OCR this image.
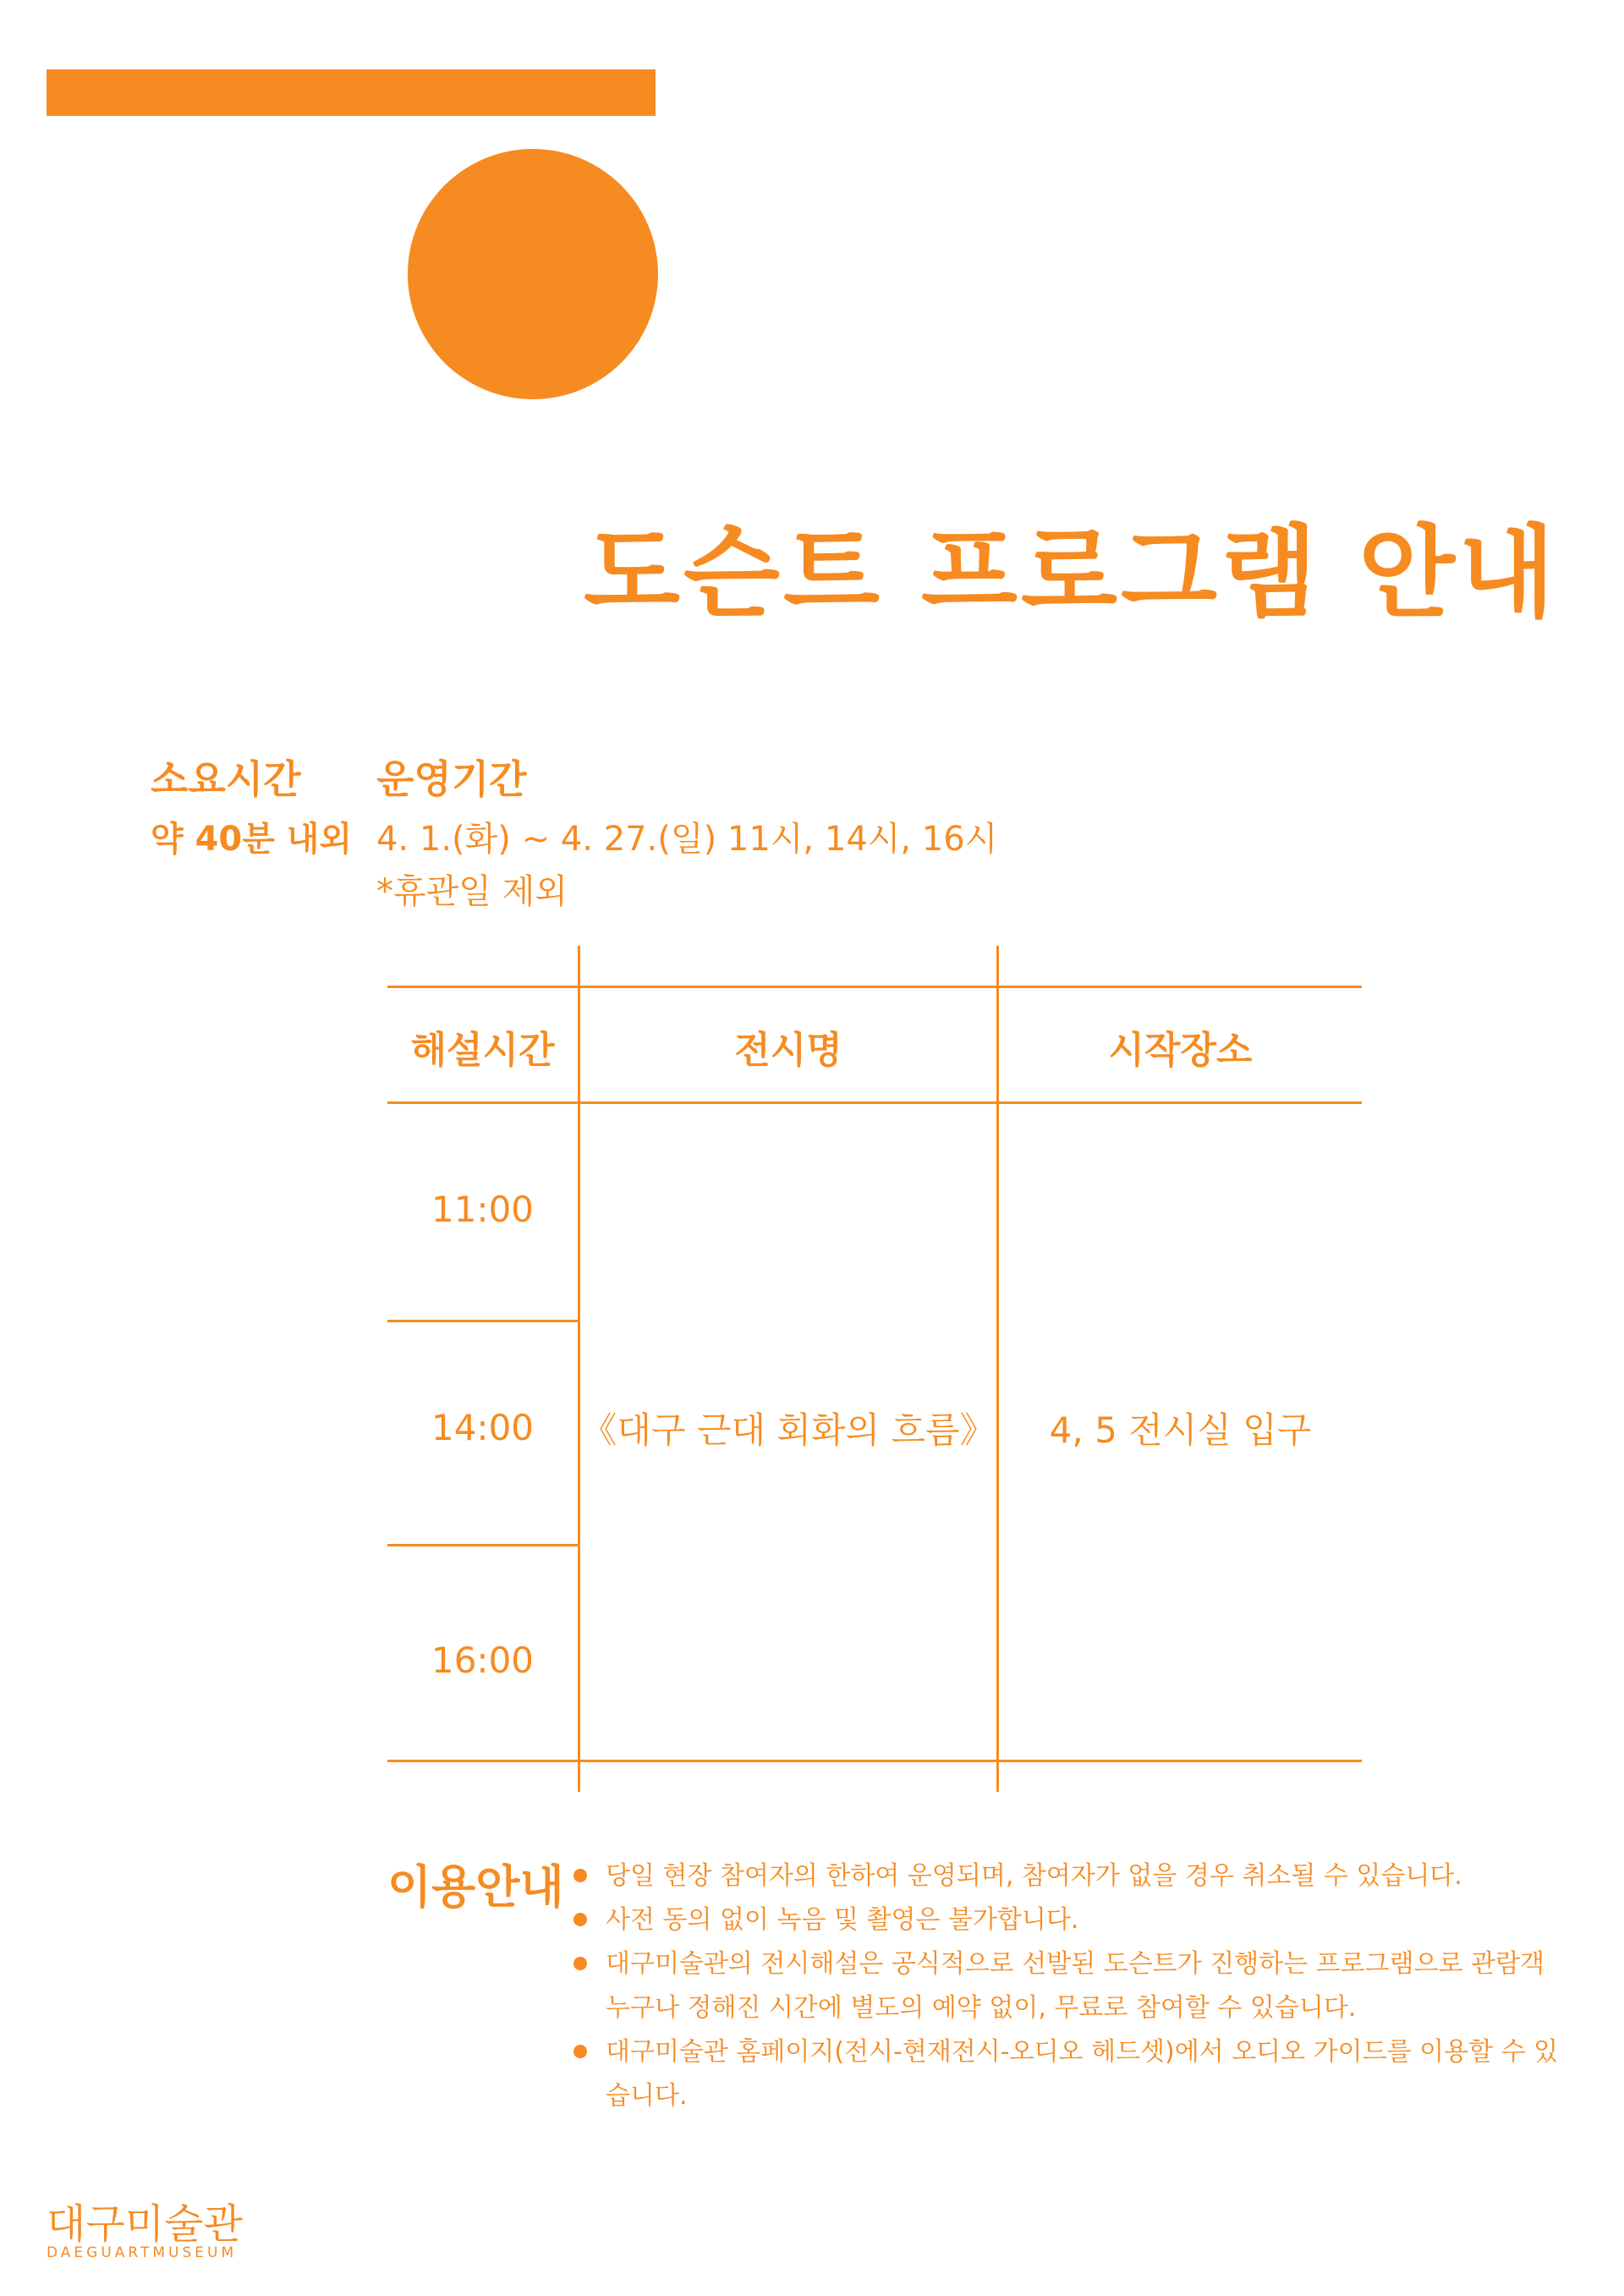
도슨트 프로그램 안내
소요시간 운영기간
약 40분 내외 4. 1.(화) ~ 4. 27.(일) 11시, 14시, 16시
*휴관일 제외
해설시간	전시명	시작장소
11:00
14:00
16:00
《대구 근대 회화의 흐름》	4, 5 전시실 입구
이용안내	당일 현장 참여자의 한하여 운영되며, 참여자가 없을 경우 취소될 수 있습니다.
사전 동의 없이 녹음 및 촬영은 불가합니다.
대구미술관의 전시해설은 공식적으로 선발된 도슨트가 진행하는 프로그램으로 관람객 누구나 정해진 시간에 별도의 예약 없이, 무료로 참여할 수 있습니다.
대구미술관 홈페이지(전시-현재전시-오디오 헤드셋)에서 오디오 가이드를 이용할 수 있습니다.
대구미술관
DAEGUARTMUSEUM
